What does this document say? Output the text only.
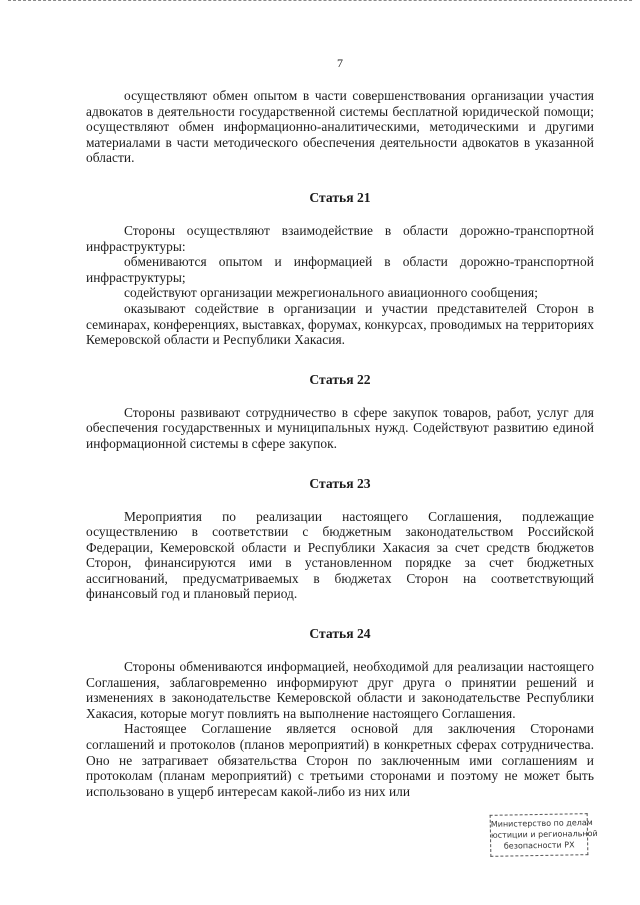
7

осуществляют обмен опытом в части совершенствования организации участия адвокатов в деятельности государственной системы бесплатной юридической помощи; осуществляют обмен информационно-аналитическими, методическими и другими материалами в части методического обеспечения деятельности адвокатов в указанной области.

Статья 21

Стороны осуществляют взаимодействие в области дорожно-транспортной инфраструктуры:

обмениваются опытом и информацией в области дорожно-транспортной инфраструктуры;

содействуют организации межрегионального авиационного сообщения;

оказывают содействие в организации и участии представителей Сторон в семинарах, конференциях, выставках, форумах, конкурсах, проводимых на территориях Кемеровской области и Республики Хакасия.

Статья 22

Стороны развивают сотрудничество в сфере закупок товаров, работ, услуг для обеспечения государственных и муниципальных нужд. Содействуют развитию единой информационной системы в сфере закупок.

Статья 23

Мероприятия по реализации настоящего Соглашения, подлежащие осуществлению в соответствии с бюджетным законодательством Российской Федерации, Кемеровской области и Республики Хакасия за счет средств бюджетов Сторон, финансируются ими в установленном порядке за счет бюджетных ассигнований, предусматриваемых в бюджетах Сторон на соответствующий финансовый год и плановый период.

Статья 24

Стороны обмениваются информацией, необходимой для реализации настоящего Соглашения, заблаговременно информируют друг друга о принятии решений и изменениях в законодательстве Кемеровской области и законодательстве Республики Хакасия, которые могут повлиять на выполнение настоящего Соглашения.

Настоящее Соглашение является основой для заключения Сторонами соглашений и протоколов (планов мероприятий) в конкретных сферах сотрудничества. Оно не затрагивает обязательства Сторон по заключенным ими соглашениям и протоколам (планам мероприятий) с третьими сторонами и поэтому не может быть использовано в ущерб интересам какой-либо из них или

Министерство по делам
юстиции и региональной
безопасности РХ
